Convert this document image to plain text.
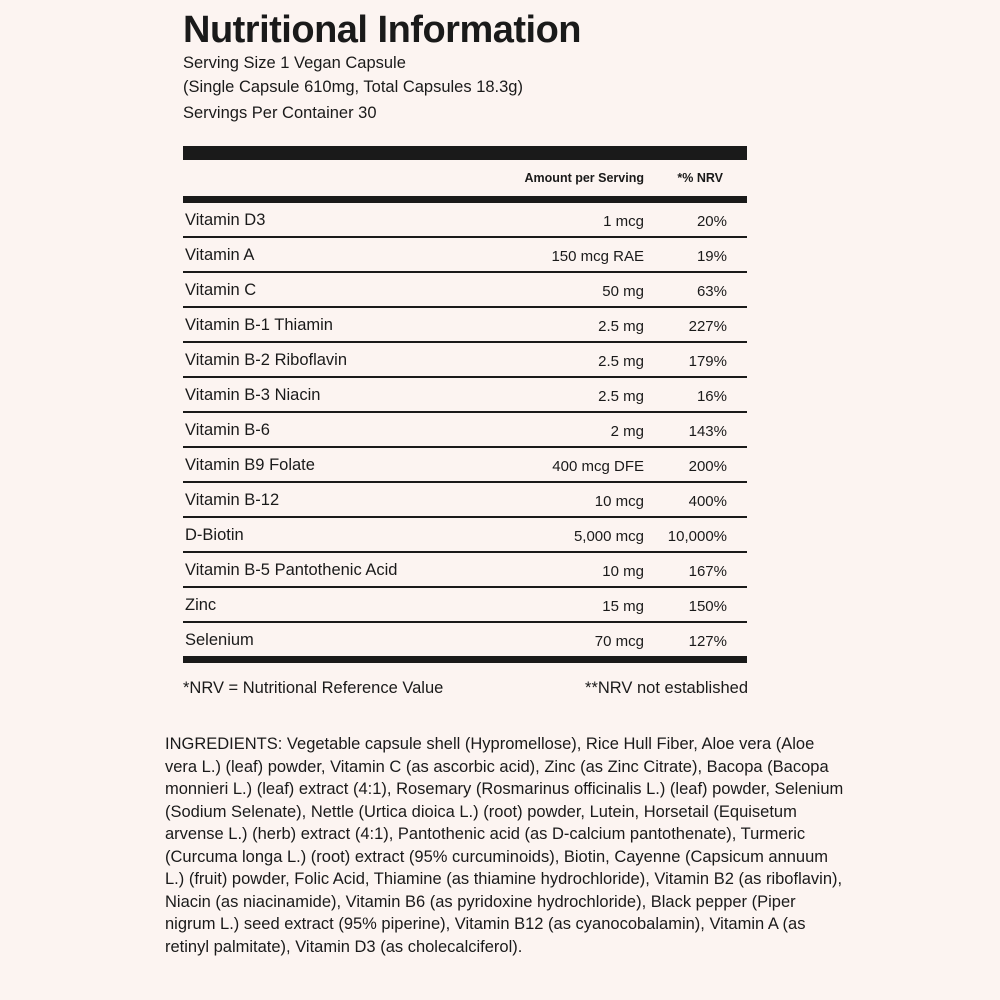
Nutritional Information
Serving Size 1 Vegan Capsule
(Single Capsule 610mg, Total Capsules 18.3g)
Servings Per Container 30
Amount per Serving	*% NRV
Vitamin D3	1 mcg	20%
Vitamin A	150 mcg RAE	19%
Vitamin C	50 mg	63%
Vitamin B-1 Thiamin	2.5 mg	227%
Vitamin B-2 Riboflavin	2.5 mg	179%
Vitamin B-3 Niacin	2.5 mg	16%
Vitamin B-6	2 mg	143%
Vitamin B9 Folate	400 mcg DFE	200%
Vitamin B-12	10 mcg	400%
D-Biotin	5,000 mcg 10,000%
Vitamin B-5 Pantothenic Acid	10 mg	167%
Zinc	15 mg	150%
Selenium	70 mcg	127%
*NRV = Nutritional Reference Value	**NRV not established
INGREDIENTS: Vegetable capsule shell (Hypromellose), Rice Hull Fiber, Aloe vera (Aloe vera L.) (leaf) powder, Vitamin C (as ascorbic acid), Zinc (as Zinc Citrate), Bacopa (Bacopa monnieri L.) (leaf) extract (4:1), Rosemary (Rosmarinus officinalis L.) (leaf) powder, Selenium (Sodium Selenate), Nettle (Urtica dioica L.) (root) powder, Lutein, Horsetail (Equisetum arvense L.) (herb) extract (4:1), Pantothenic acid (as D-calcium pantothenate), Turmeric (Curcuma longa L.) (root) extract (95% curcuminoids), Biotin, Cayenne (Capsicum annuum L.) (fruit) powder, Folic Acid, Thiamine (as thiamine hydrochloride), Vitamin B2 (as riboflavin), Niacin (as niacinamide), Vitamin B6 (as pyridoxine hydrochloride), Black pepper (Piper nigrum L.) seed extract (95% piperine), Vitamin B12 (as cyanocobalamin), Vitamin A (as retinyl palmitate), Vitamin D3 (as cholecalciferol).
